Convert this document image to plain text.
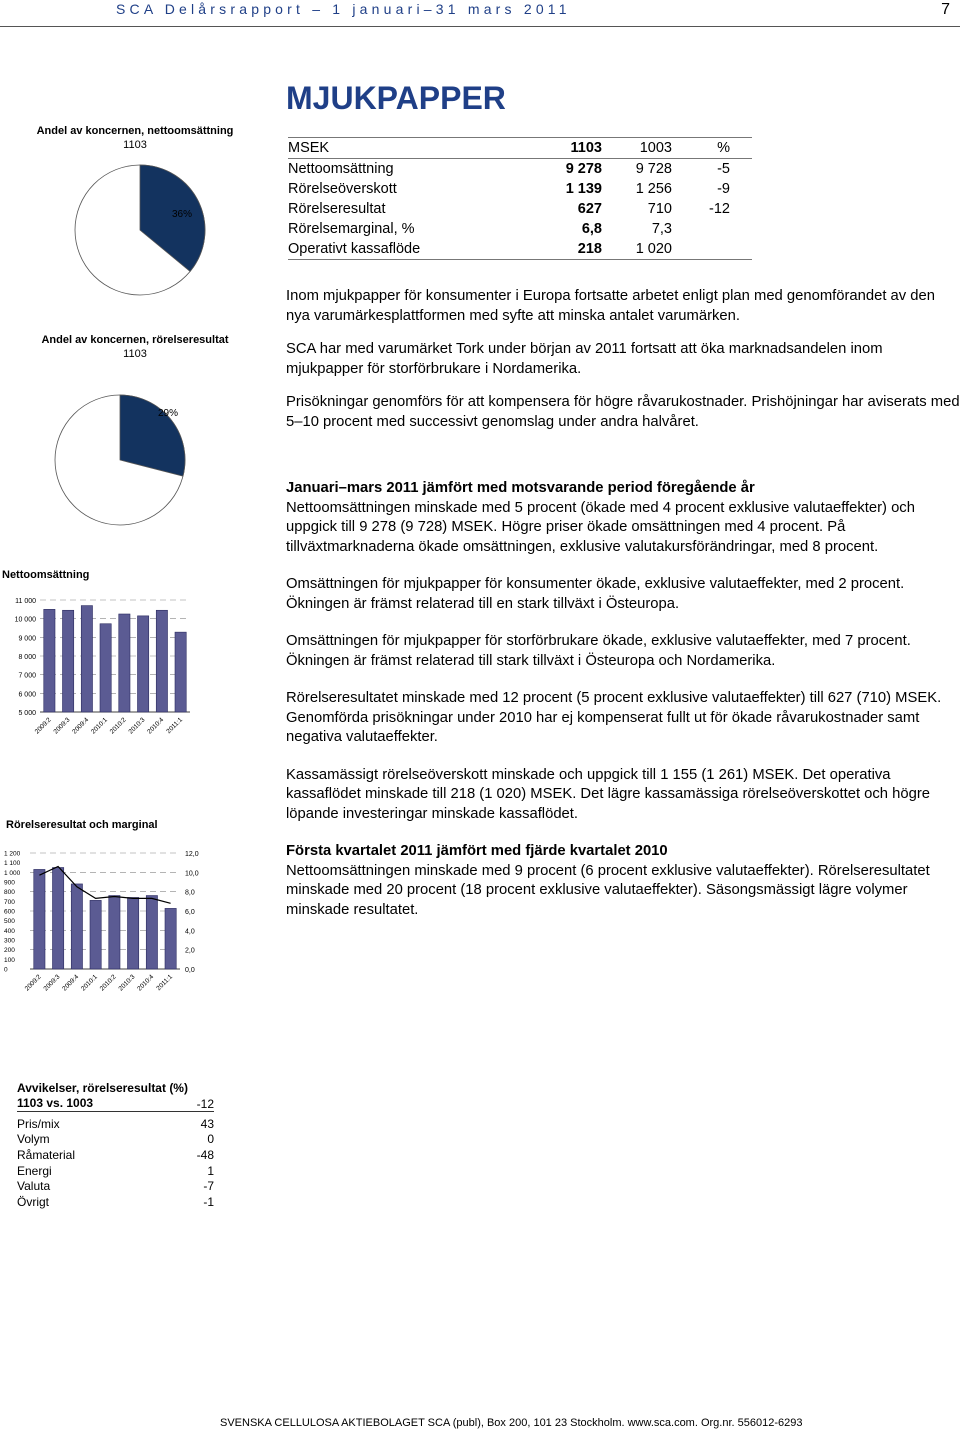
SCA Delårsrapport – 1 januari–31 mars 2011	7
MJUKPAPPER
MSEK	1103	1003	%
Nettoomsättning	9 278	9 728	-5
Rörelseöverskott	1 139	1 256	-9
Rörelseresultat	627	710	-12
Rörelsemarginal, %	6,8	7,3	
Operativt kassaflöde	218	1 020	
Andel av koncernen, nettoomsättning
1103
36%
Andel av koncernen, rörelseresultat
1103
29%
Nettoomsättning
5 000
6 000
7 000
8 000
9 000
10 000
11 000
2009:2 2009:3 2009:4 2010:1 2010:2 2010:3 2010:4 2011:1
Rörelseresultat och marginal
0
100
200
300
400
500
600
700
800
900
1 000
1 100
1 200
0,0
2,0
4,0
6,0
8,0
10,0
12,0
2009:2 2009:3 2009:4 2010:1 2010:2 2010:3 2010:4 2011:1

Inom mjukpapper för konsumenter i Europa fortsatte arbetet enligt plan med genomförandet av den nya varumärkesplattformen med syfte att minska antalet varumärken.

SCA har med varumärket Tork under början av 2011 fortsatt att öka marknadsandelen inom mjukpapper för storförbrukare i Nordamerika.

Prisökningar genomförs för att kompensera för högre råvarukostnader. Prishöjningar har aviserats med 5–10 procent med successivt genomslag under andra halvåret.

Januari–mars 2011 jämfört med motsvarande period föregående år

Nettoomsättningen minskade med 5 procent (ökade med 4 procent exklusive valutaeffekter) och uppgick till 9 278 (9 728) MSEK. Högre priser ökade omsättningen med 4 procent. På tillväxtmarknaderna ökade omsättningen, exklusive valutakursförändringar, med 8 procent.

Omsättningen för mjukpapper för konsumenter ökade, exklusive valutaeffekter, med 2 procent. Ökningen är främst relaterad till en stark tillväxt i Östeuropa.

Omsättningen för mjukpapper för storförbrukare ökade, exklusive valutaeffekter, med 7 procent. Ökningen är främst relaterad till stark tillväxt i Östeuropa och Nordamerika.

Rörelseresultatet minskade med 12 procent (5 procent exklusive valutaeffekter) till 627 (710) MSEK. Genomförda prisökningar under 2010 har ej kompenserat fullt ut för ökade råvarukostnader samt negativa valutaeffekter.

Kassamässigt rörelseöverskott minskade och uppgick till 1 155 (1 261) MSEK. Det operativa kassaflödet minskade till 218 (1 020) MSEK. Det lägre kassamässiga rörelseöverskottet och högre löpande investeringar minskade kassaflödet.

Första kvartalet 2011 jämfört med fjärde kvartalet 2010

Nettoomsättningen minskade med 9 procent (6 procent exklusive valutaeffekter). Rörelseresultatet minskade med 20 procent (18 procent exklusive valutaeffekter). Säsongsmässigt lägre volymer minskade resultatet.

Avvikelser, rörelseresultat (%)
1103 vs. 1003	-12
Pris/mix	43
Volym	0
Råmaterial	-48
Energi	1
Valuta	-7
Övrigt	-1
SVENSKA CELLULOSA AKTIEBOLAGET SCA (publ), Box 200, 101 23 Stockholm. www.sca.com. Org.nr. 556012-6293
